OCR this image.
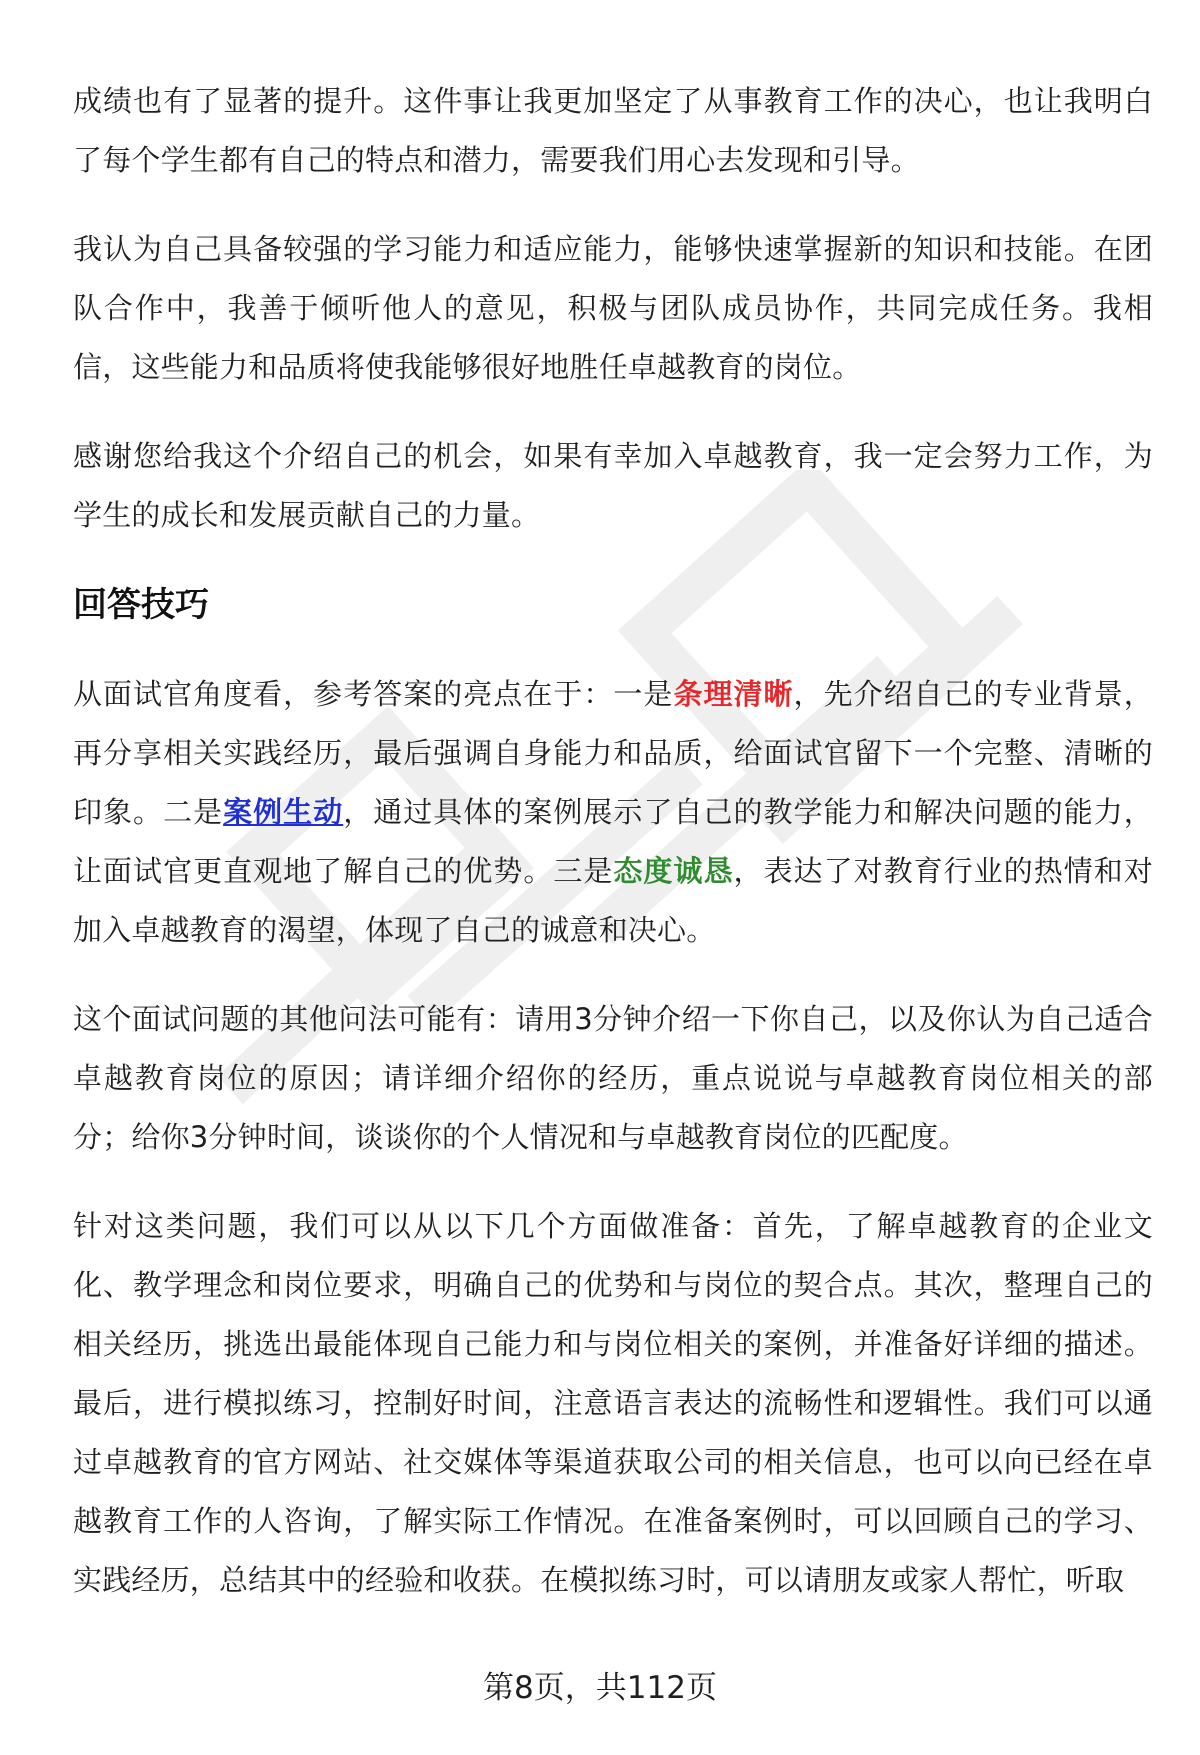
成绩也有了显著的提升。这件事让我更加坚定了从事教育工作的决心，也让我明白了每个学生都有自己的特点和潜力，需要我们用心去发现和引导。

我认为自己具备较强的学习能力和适应能力，能够快速掌握新的知识和技能。在团队合作中，我善于倾听他人的意见，积极与团队成员协作，共同完成任务。我相信，这些能力和品质将使我能够很好地胜任卓越教育的岗位。

感谢您给我这个介绍自己的机会，如果有幸加入卓越教育，我一定会努力工作，为学生的成长和发展贡献自己的力量。

回答技巧

从面试官角度看，参考答案的亮点在于：一是条理清晰，先介绍自己的专业背景，再分享相关实践经历，最后强调自身能力和品质，给面试官留下一个完整、清晰的印象。二是案例生动，通过具体的案例展示了自己的教学能力和解决问题的能力，让面试官更直观地了解自己的优势。三是态度诚恳，表达了对教育行业的热情和对加入卓越教育的渴望，体现了自己的诚意和决心。

这个面试问题的其他问法可能有：请用3分钟介绍一下你自己，以及你认为自己适合卓越教育岗位的原因；请详细介绍你的经历，重点说说与卓越教育岗位相关的部分；给你3分钟时间，谈谈你的个人情况和与卓越教育岗位的匹配度。

针对这类问题，我们可以从以下几个方面做准备：首先，了解卓越教育的企业文化、教学理念和岗位要求，明确自己的优势和与岗位的契合点。其次，整理自己的相关经历，挑选出最能体现自己能力和与岗位相关的案例，并准备好详细的描述。最后，进行模拟练习，控制好时间，注意语言表达的流畅性和逻辑性。我们可以通过卓越教育的官方网站、社交媒体等渠道获取公司的相关信息，也可以向已经在卓越教育工作的人咨询，了解实际工作情况。在准备案例时，可以回顾自己的学习、实践经历，总结其中的经验和收获。在模拟练习时，可以请朋友或家人帮忙，听取

第8页，共112页
